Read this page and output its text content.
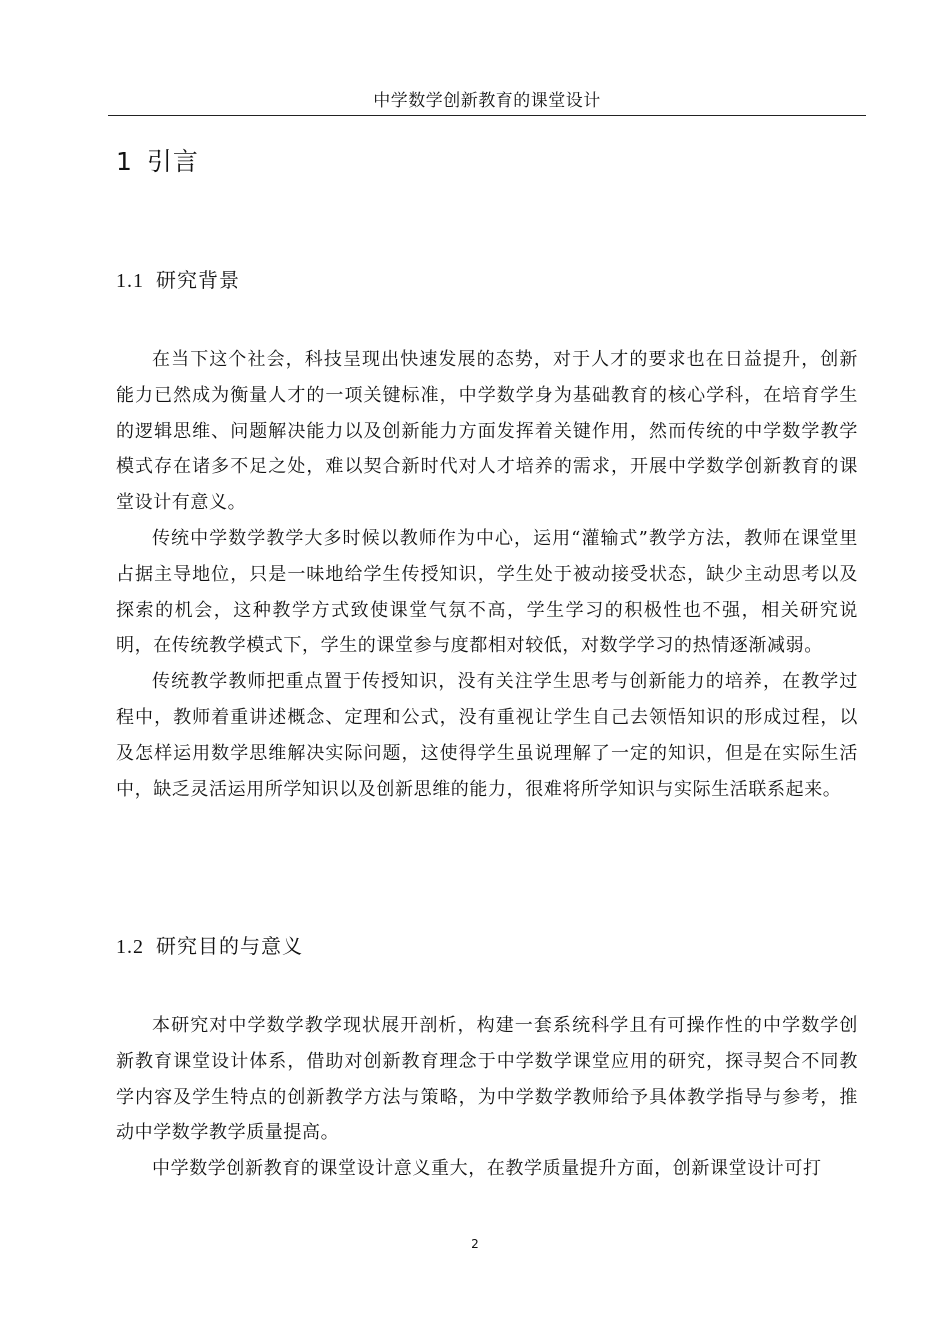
中学数学创新教育的课堂设计
1 引言
1.1 研究背景

在当下这个社会，科技呈现出快速发展的态势，对于人才的要求也在日益提升，创新能力已然成为衡量人才的一项关键标准，中学数学身为基础教育的核心学科，在培育学生的逻辑思维、问题解决能力以及创新能力方面发挥着关键作用，然而传统的中学数学教学模式存在诸多不足之处，难以契合新时代对人才培养的需求，开展中学数学创新教育的课堂设计有意义。

传统中学数学教学大多时候以教师作为中心，运用“灌输式”教学方法，教师在课堂里占据主导地位，只是一味地给学生传授知识，学生处于被动接受状态，缺少主动思考以及探索的机会，这种教学方式致使课堂气氛不高，学生学习的积极性也不强，相关研究说明，在传统教学模式下，学生的课堂参与度都相对较低，对数学学习的热情逐渐减弱。

传统教学教师把重点置于传授知识，没有关注学生思考与创新能力的培养，在教学过程中，教师着重讲述概念、定理和公式，没有重视让学生自己去领悟知识的形成过程，以及怎样运用数学思维解决实际问题，这使得学生虽说理解了一定的知识，但是在实际生活中，缺乏灵活运用所学知识以及创新思维的能力，很难将所学知识与实际生活联系起来。

1.2 研究目的与意义

本研究对中学数学教学现状展开剖析，构建一套系统科学且有可操作性的中学数学创新教育课堂设计体系，借助对创新教育理念于中学数学课堂应用的研究，探寻契合不同教学内容及学生特点的创新教学方法与策略，为中学数学教师给予具体教学指导与参考，推动中学数学教学质量提高。

中学数学创新教育的课堂设计意义重大，在教学质量提升方面，创新课堂设计可打

2
